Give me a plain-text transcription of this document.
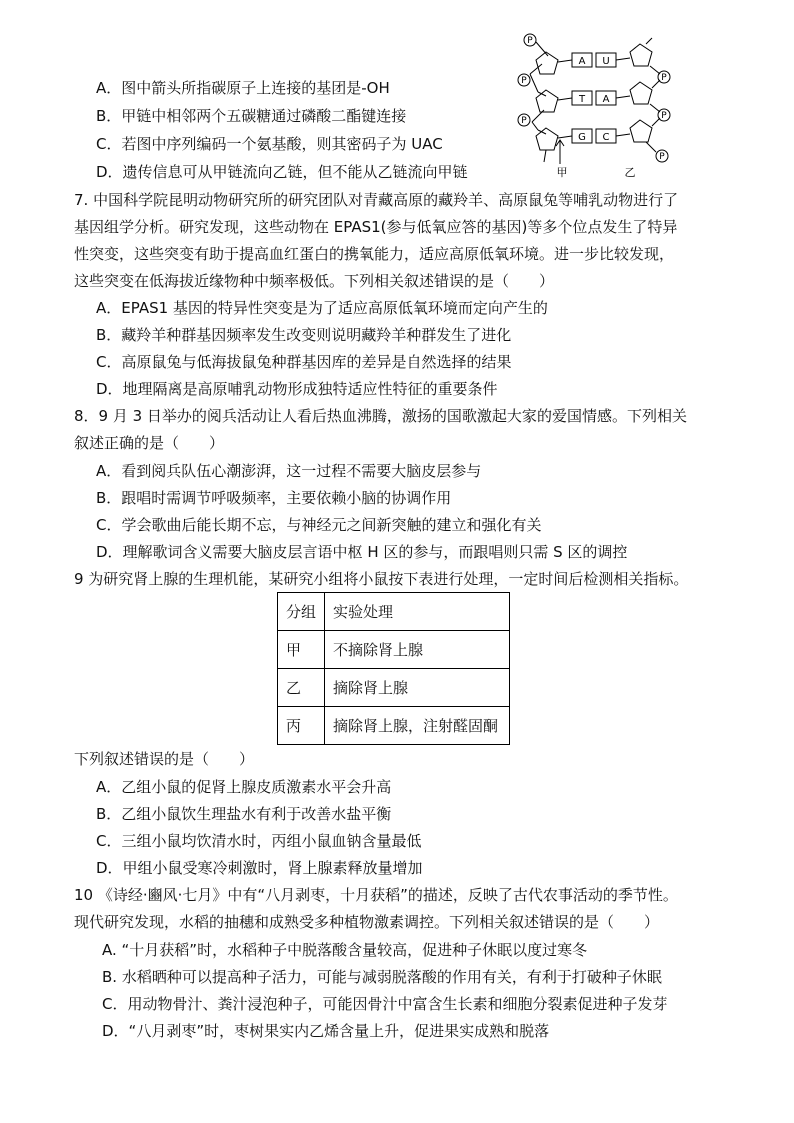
A．图中箭头所指碳原子上连接的基团是-OH
B．甲链中相邻两个五碳糖通过磷酸二酯键连接
C．若图中序列编码一个氨基酸，则其密码子为 UAC
D．遗传信息可从甲链流向乙链，但不能从乙链流向甲链
P
P
P
P
P
P
A U
T A
G C
甲	乙
7. 中国科学院昆明动物研究所的研究团队对青藏高原的藏羚羊、高原鼠兔等哺乳动物进行了
基因组学分析。研究发现，这些动物在 EPAS1(参与低氧应答的基因)等多个位点发生了特异
性突变，这些突变有助于提高血红蛋白的携氧能力，适应高原低氧环境。进一步比较发现，
这些突变在低海拔近缘物种中频率极低。下列相关叙述错误的是（　　）
A．EPAS1 基因的特异性突变是为了适应高原低氧环境而定向产生的
B．藏羚羊种群基因频率发生改变则说明藏羚羊种群发生了进化
C．高原鼠兔与低海拔鼠兔种群基因库的差异是自然选择的结果
D．地理隔离是高原哺乳动物形成独特适应性特征的重要条件
8．9 月 3 日举办的阅兵活动让人看后热血沸腾，激扬的国歌激起大家的爱国情感。下列相关
叙述正确的是（　　）
A．看到阅兵队伍心潮澎湃，这一过程不需要大脑皮层参与
B．跟唱时需调节呼吸频率，主要依赖小脑的协调作用
C．学会歌曲后能长期不忘，与神经元之间新突触的建立和强化有关
D．理解歌词含义需要大脑皮层言语中枢 H 区的参与，而跟唱则只需 S 区的调控
9 为研究肾上腺的生理机能，某研究小组将小鼠按下表进行处理，一定时间后检测相关指标。
分组	实验处理
甲	不摘除肾上腺
乙	摘除肾上腺
丙	摘除肾上腺，注射醛固酮
下列叙述错误的是（　　）
A．乙组小鼠的促肾上腺皮质激素水平会升高
B．乙组小鼠饮生理盐水有利于改善水盐平衡
C．三组小鼠均饮清水时，丙组小鼠血钠含量最低
D．甲组小鼠受寒冷刺激时，肾上腺素释放量增加
10 《诗经·豳风·七月》中有“八月剥枣，十月获稻”的描述，反映了古代农事活动的季节性。
现代研究发现，水稻的抽穗和成熟受多种植物激素调控。下列相关叙述错误的是（　　）
A. “十月获稻”时，水稻种子中脱落酸含量较高，促进种子休眠以度过寒冬
B. 水稻晒种可以提高种子活力，可能与减弱脱落酸的作用有关，有利于打破种子休眠
C．用动物骨汁、粪汁浸泡种子，可能因骨汁中富含生长素和细胞分裂素促进种子发芽
D．“八月剥枣”时，枣树果实内乙烯含量上升，促进果实成熟和脱落
